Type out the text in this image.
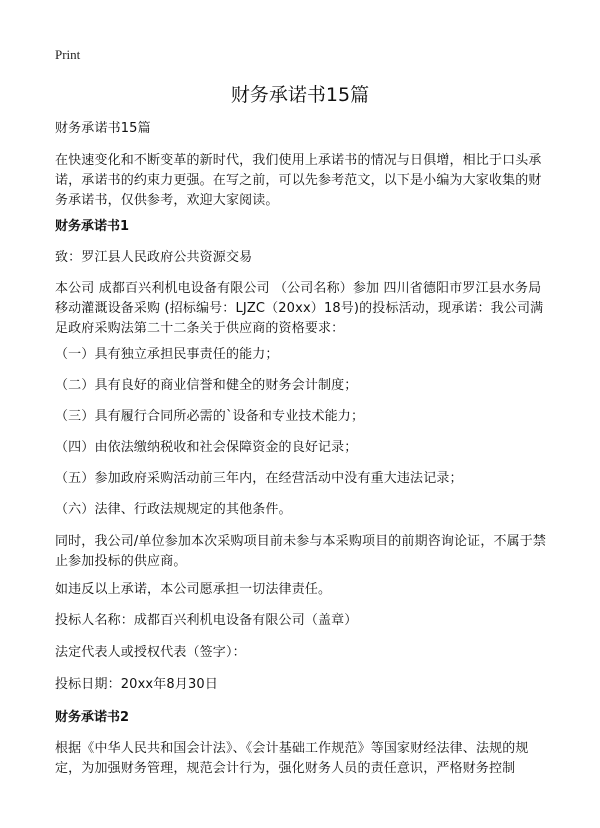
Print
财务承诺书15篇

财务承诺书15篇

在快速变化和不断变革的新时代，我们使用上承诺书的情况与日俱增，相比于口头承诺，承诺书的约束力更强。在写之前，可以先参考范文，以下是小编为大家收集的财务承诺书，仅供参考，欢迎大家阅读。

财务承诺书1

致：罗江县人民政府公共资源交易

本公司 成都百兴利机电设备有限公司 （公司名称）参加 四川省德阳市罗江县水务局移动灌溉设备采购 (招标编号：LJZC（20xx）18号)的投标活动，现承诺：我公司满足政府采购法第二十二条关于供应商的资格要求：

（一）具有独立承担民事责任的能力；

（二）具有良好的商业信誉和健全的财务会计制度；

（三）具有履行合同所必需的`设备和专业技术能力；

（四）由依法缴纳税收和社会保障资金的良好记录；

（五）参加政府采购活动前三年内，在经营活动中没有重大违法记录；

（六）法律、行政法规规定的其他条件。

同时，我公司/单位参加本次采购项目前未参与本采购项目的前期咨询论证，不属于禁止参加投标的供应商。

如违反以上承诺，本公司愿承担一切法律责任。

投标人名称：成都百兴利机电设备有限公司（盖章）

法定代表人或授权代表（签字）：

投标日期：20xx年8月30日

财务承诺书2

根据《中华人民共和国会计法》、《会计基础工作规范》等国家财经法律、法规的规定，为加强财务管理，规范会计行为，强化财务人员的责任意识，严格财务控制
